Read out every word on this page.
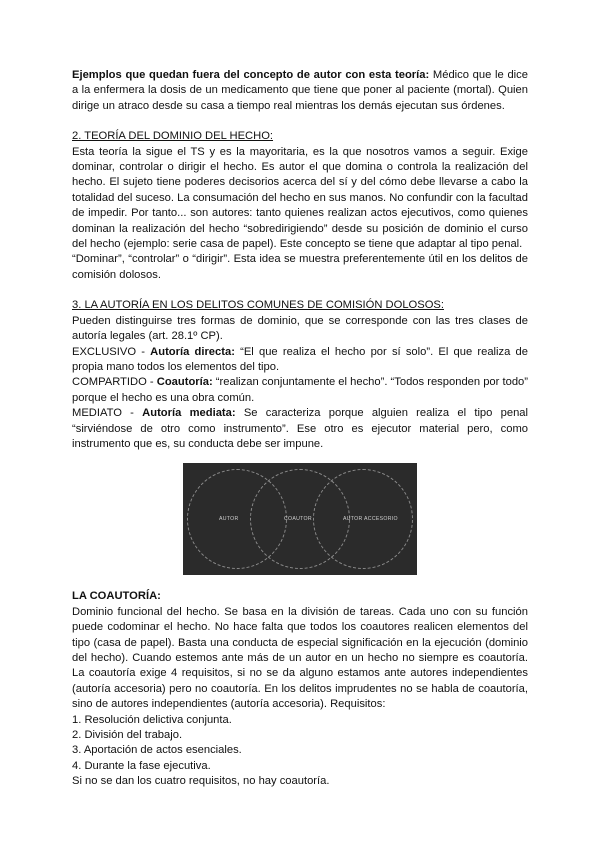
Ejemplos que quedan fuera del concepto de autor con esta teoría: Médico que le dice a la enfermera la dosis de un medicamento que tiene que poner al paciente (mortal). Quien dirige un atraco desde su casa a tiempo real mientras los demás ejecutan sus órdenes.

2. TEORÍA DEL DOMINIO DEL HECHO:

Esta teoría la sigue el TS y es la mayoritaria, es la que nosotros vamos a seguir. Exige dominar, controlar o dirigir el hecho. Es autor el que domina o controla la realización del hecho. El sujeto tiene poderes decisorios acerca del sí y del cómo debe llevarse a cabo la totalidad del suceso. La consumación del hecho en sus manos. No confundir con la facultad de impedir. Por tanto... son autores: tanto quienes realizan actos ejecutivos, como quienes dominan la realización del hecho “sobredirigiendo” desde su posición de dominio el curso del hecho (ejemplo: serie casa de papel). Este concepto se tiene que adaptar al tipo penal.

“Dominar”, “controlar” o “dirigir”. Esta idea se muestra preferentemente útil en los delitos de comisión dolosos.

3. LA AUTORÍA EN LOS DELITOS COMUNES DE COMISIÓN DOLOSOS:

Pueden distinguirse tres formas de dominio, que se corresponde con las tres clases de autoría legales (art. 28.1º CP).

EXCLUSIVO - Autoría directa: “El que realiza el hecho por sí solo”. El que realiza de propia mano todos los elementos del tipo.

COMPARTIDO - Coautoría: “realizan conjuntamente el hecho”. “Todos responden por todo” porque el hecho es una obra común.

MEDIATO - Autoría mediata: Se caracteriza porque alguien realiza el tipo penal “sirviéndose de otro como instrumento”. Ese otro es ejecutor material pero, como instrumento que es, su conducta debe ser impune.

AUTOR	COAUTOR	AUTOR ACCESORIO

LA COAUTORÍA:

Dominio funcional del hecho. Se basa en la división de tareas. Cada uno con su función puede codominar el hecho. No hace falta que todos los coautores realicen elementos del tipo (casa de papel). Basta una conducta de especial significación en la ejecución (dominio del hecho). Cuando estemos ante más de un autor en un hecho no siempre es coautoría. La coautoría exige 4 requisitos, si no se da alguno estamos ante autores independientes (autoría accesoria) pero no coautoría. En los delitos imprudentes no se habla de coautoría, sino de autores independientes (autoría accesoria). Requisitos:

1. Resolución delictiva conjunta.
2. División del trabajo.
3. Aportación de actos esenciales.
4. Durante la fase ejecutiva.

Si no se dan los cuatro requisitos, no hay coautoría.
